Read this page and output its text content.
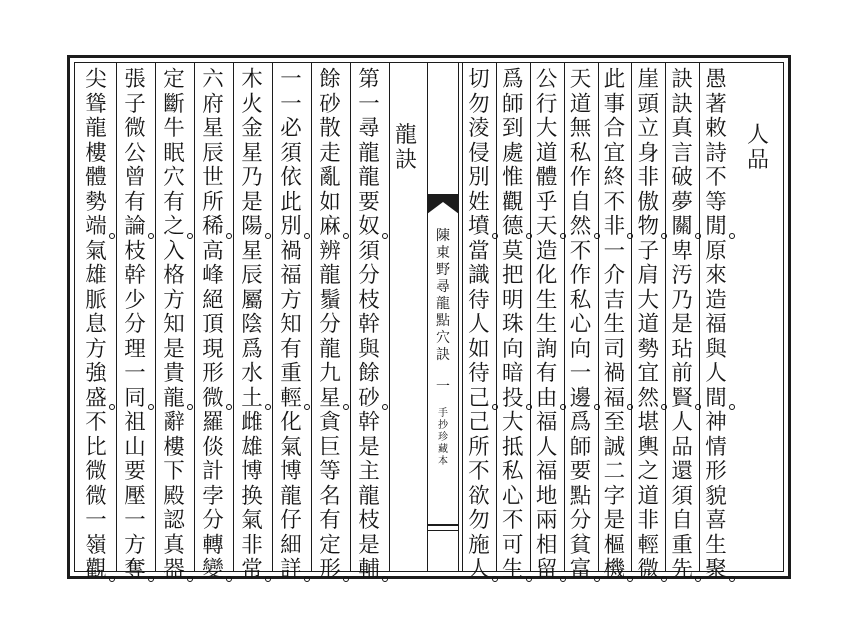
人
品
龍
訣
愚
著
敕
詩
不
等
閒
原
來
造
福
與
人
間
神
情
形
貌
喜
生
聚
訣
訣
真
言
破
夢
關
卑
汚
乃
是
玷
前
賢
人
品
還
須
自
重
先
崖
頭
立
身
非
傲
物
子
肩
大
道
勢
宜
然
堪
輿
之
道
非
輕
微
此
事
合
宜
終
不
非
一
介
吉
生
司
禍
福
至
誠
二
字
是
樞
機
天
道
無
私
作
自
然
不
作
私
心
向
一
邊
爲
師
要
點
分
貧
富
公
行
大
道
體
乎
天
造
化
生
生
詢
有
由
福
人
福
地
兩
相
留
爲
師
到
處
惟
觀
德
莫
把
明
珠
向
暗
投
大
抵
私
心
不
可
生
切
勿
淩
侵
別
姓
墳
當
識
待
人
如
待
己
己
所
不
欲
勿
施
人
第
一
尋
龍
龍
要
奴
須
分
枝
幹
與
餘
砂
幹
是
主
龍
枝
是
輔
餘
砂
散
走
亂
如
麻
辨
龍
鬚
分
龍
九
星
貪
巨
等
名
有
定
形
一
一
必
須
依
此
別
禍
福
方
知
有
重
輕
化
氣
博
龍
仔
細
詳
木
火
金
星
乃
是
陽
星
辰
屬
陰
爲
水
土
雌
雄
博
换
氣
非
常
六
府
星
辰
世
所
稀
高
峰
絕
頂
現
形
微
羅
倓
計
孛
分
轉
變
定
斷
牛
眠
穴
有
之
入
格
方
知
是
貴
龍
辭
樓
下
殿
認
真
器
張
子
微
公
曾
有
論
枝
幹
少
分
理
一
同
祖
山
要
壓
一
方
奪
尖
聳
龍
樓
體
勢
端
氣
雄
脈
息
方
強
盛
不
比
微
微
一
嶺
觀
陳
東
野
尋
龍
點
穴
訣
一
手
抄
珍
藏
本
